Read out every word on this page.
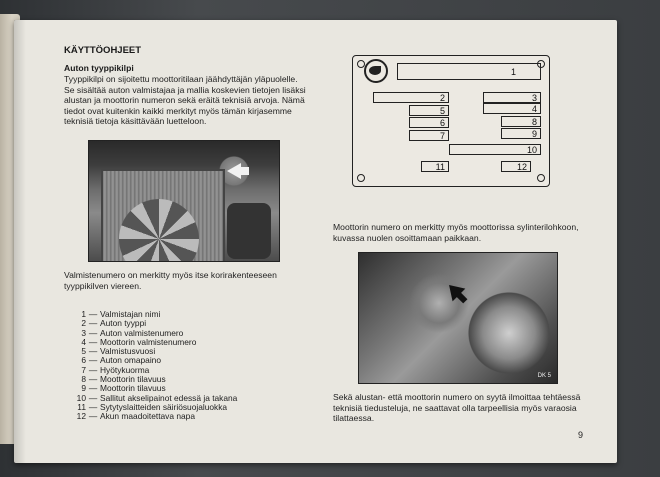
KÄYTTÖOHJEET
Auton tyyppikilpi
Tyyppikilpi on sijoitettu moottoritilaan jäähdyttäjän yläpuolelle. Se sisältää auton valmistajaa ja mallia koskevien tietojen lisäksi alustan ja moottorin numeron sekä eräitä teknisiä arvoja. Nämä tiedot ovat kuitenkin kaikki merkityt myös tämän kirjasemme teknisiä tietoja käsittävään luetteloon.
Valmistenumero on merkitty myös itse korirakenteeseen tyyppikilven viereen.
1 — Valmistajan nimi
2 — Auton tyyppi
3 — Auton valmistenumero
4 — Moottorin valmistenumero
5 — Valmistusvuosi
6 — Auton omapaino
7 — Hyötykuorma
8 — Moottorin tilavuus
9 — Moottorin tilavuus
10 — Sallitut akselipainot edessä ja takana
11 — Sytytyslaitteiden säiriösuojaluokka
12 — Akun maadoitettava napa
1
2	3
5	4
6	8
7	9
10
11	12
Moottorin numero on merkitty myös moottorissa sylinterilohkoon, kuvassa nuolen osoittamaan paikkaan.
DK 5
Sekä alustan- että moottorin numero on syytä ilmoittaa tehtäessä teknisiä tiedusteluja, ne saattavat olla tarpeellisia myös varaosia tilattaessa.
9
